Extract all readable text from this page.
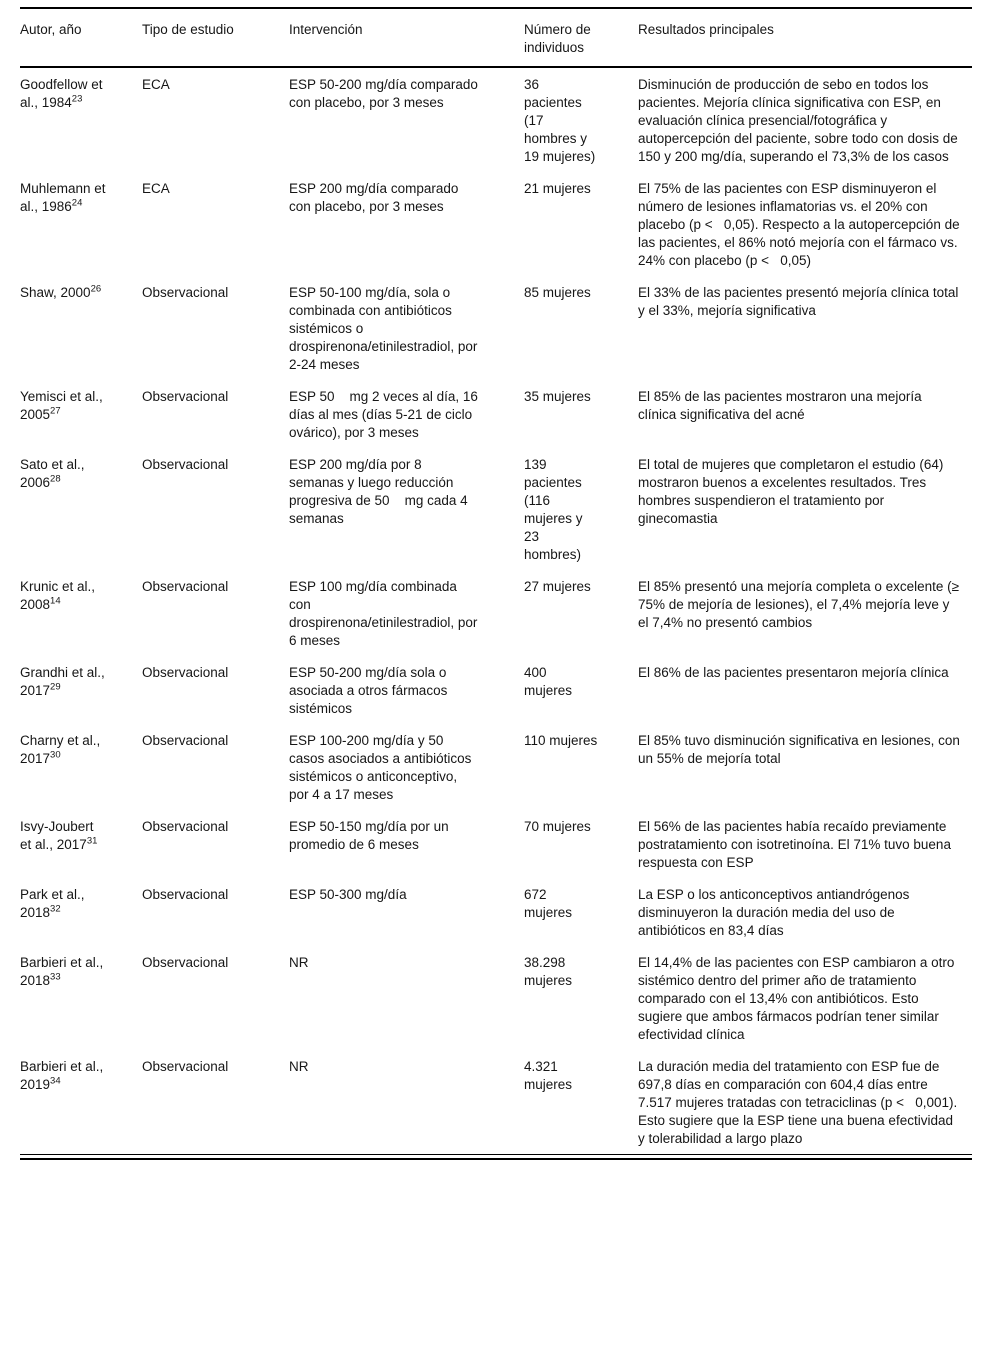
Autor, año	Tipo de estudio	Intervención	Número de individuos	Resultados principales
Goodfellow et al., 1984$^{23}$	ECA	ESP 50-200 mg/día comparado con placebo, por 3 meses	36 pacientes (17 hombres y 19 mujeres)	Disminución de producción de sebo en todos los pacientes. Mejoría clínica significativa con ESP, en evaluación clínica presencial/fotográfica y autopercepción del paciente, sobre todo con dosis de 150 y 200 mg/día, superando el 73,3% de los casos
Muhlemann et al., 1986$^{24}$	ECA	ESP 200 mg/día comparado con placebo, por 3 meses	21 mujeres	El 75% de las pacientes con ESP disminuyeron el número de lesiones inflamatorias vs. el 20% con placebo (p <   0,05). Respecto a la autopercepción de las pacientes, el 86% notó mejoría con el fármaco vs. 24% con placebo (p <   0,05)
Shaw, 2000$^{26}$	Observacional	ESP 50-100 mg/día, sola o combinada con antibióticos sistémicos o drospirenona/etinilestradiol, por 2-24 meses	85 mujeres	El 33% de las pacientes presentó mejoría clínica total y el 33%, mejoría significativa
Yemisci et al., 2005$^{27}$	Observacional	ESP 50    mg 2 veces al día, 16 días al mes (días 5-21 de ciclo ovárico), por 3 meses	35 mujeres	El 85% de las pacientes mostraron una mejoría clínica significativa del acné
Sato et al., 2006$^{28}$	Observacional	ESP 200 mg/día por 8 semanas y luego reducción progresiva de 50    mg cada 4 semanas	139 pacientes (116 mujeres y 23 hombres)	El total de mujeres que completaron el estudio (64) mostraron buenos a excelentes resultados. Tres hombres suspendieron el tratamiento por ginecomastia
Krunic et al., 2008$^{14}$	Observacional	ESP 100 mg/día combinada con drospirenona/etinilestradiol, por 6 meses	27 mujeres	El 85% presentó una mejoría completa o excelente (≥ 75% de mejoría de lesiones), el 7,4% mejoría leve y el 7,4% no presentó cambios
Grandhi et al., 2017$^{29}$	Observacional	ESP 50-200 mg/día sola o asociada a otros fármacos sistémicos	400 mujeres	El 86% de las pacientes presentaron mejoría clínica
Charny et al., 2017$^{30}$	Observacional	ESP 100-200 mg/día y 50 casos asociados a antibióticos sistémicos o anticonceptivo, por 4 a 17 meses	110 mujeres	El 85% tuvo disminución significativa en lesiones, con un 55% de mejoría total
Isvy-Joubert et al., 2017$^{31}$	Observacional	ESP 50-150 mg/día por un promedio de 6 meses	70 mujeres	El 56% de las pacientes había recaído previamente postratamiento con isotretinoína. El 71% tuvo buena respuesta con ESP
Park et al., 2018$^{32}$	Observacional	ESP 50-300 mg/día	672 mujeres	La ESP o los anticonceptivos antiandrógenos disminuyeron la duración media del uso de antibióticos en 83,4 días
Barbieri et al., 2018$^{33}$	Observacional	NR	38.298 mujeres	El 14,4% de las pacientes con ESP cambiaron a otro sistémico dentro del primer año de tratamiento comparado con el 13,4% con antibióticos. Esto sugiere que ambos fármacos podrían tener similar efectividad clínica
Barbieri et al., 2019$^{34}$	Observacional	NR	4.321 mujeres	La duración media del tratamiento con ESP fue de 697,8 días en comparación con 604,4 días entre 7.517 mujeres tratadas con tetraciclinas (p <   0,001). Esto sugiere que la ESP tiene una buena efectividad y tolerabilidad a largo plazo
